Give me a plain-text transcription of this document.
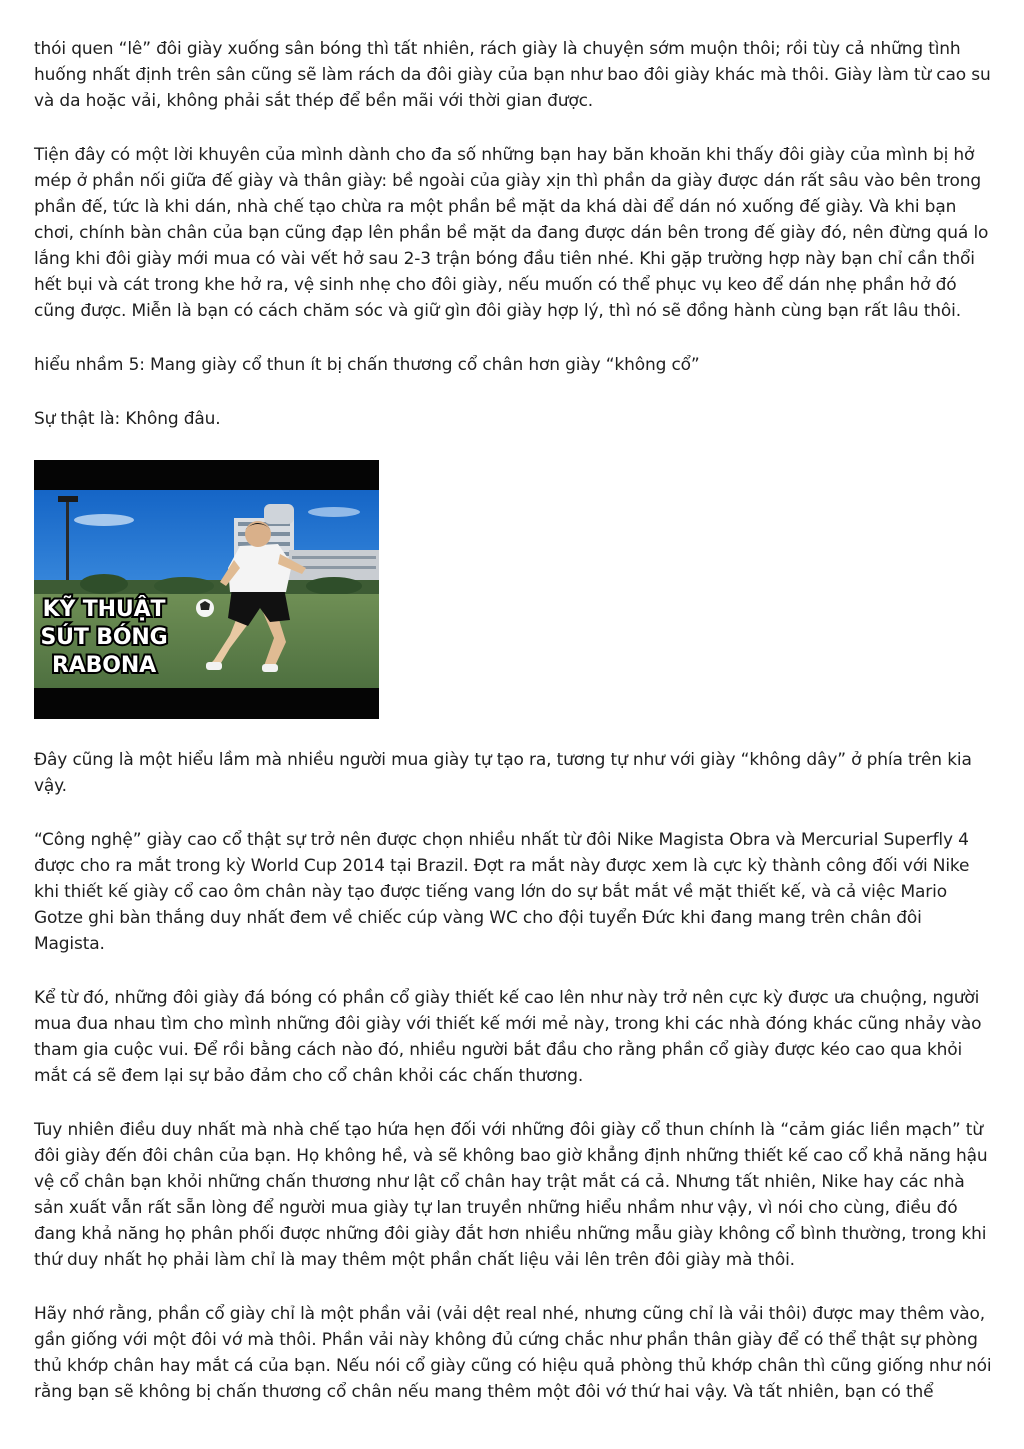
thói quen “lê” đôi giày xuống sân bóng thì tất nhiên, rách giày là chuyện sớm muộn thôi; rồi tùy cả những tình huống nhất định trên sân cũng sẽ làm rách da đôi giày của bạn như bao đôi giày khác mà thôi. Giày làm từ cao su và da hoặc vải, không phải sắt thép để bền mãi với thời gian được.

Tiện đây có một lời khuyên của mình dành cho đa số những bạn hay băn khoăn khi thấy đôi giày của mình bị hở mép ở phần nối giữa đế giày và thân giày: bề ngoài của giày xịn thì phần da giày được dán rất sâu vào bên trong phần đế, tức là khi dán, nhà chế tạo chừa ra một phần bề mặt da khá dài để dán nó xuống đế giày. Và khi bạn chơi, chính bàn chân của bạn cũng đạp lên phần bề mặt da đang được dán bên trong đế giày đó, nên đừng quá lo lắng khi đôi giày mới mua có vài vết hở sau 2-3 trận bóng đầu tiên nhé. Khi gặp trường hợp này bạn chỉ cần thổi hết bụi và cát trong khe hở ra, vệ sinh nhẹ cho đôi giày, nếu muốn có thể phục vụ keo để dán nhẹ phần hở đó cũng được. Miễn là bạn có cách chăm sóc và giữ gìn đôi giày hợp lý, thì nó sẽ đồng hành cùng bạn rất lâu thôi.

hiểu nhầm 5: Mang giày cổ thun ít bị chấn thương cổ chân hơn giày “không cổ”

Sự thật là: Không đâu.

KỸ THUẬT
SÚT BÓNG
RABONA

Đây cũng là một hiểu lầm mà nhiều người mua giày tự tạo ra, tương tự như với giày “không dây” ở phía trên kia vậy.

“Công nghệ” giày cao cổ thật sự trở nên được chọn nhiều nhất từ đôi Nike Magista Obra và Mercurial Superfly 4 được cho ra mắt trong kỳ World Cup 2014 tại Brazil. Đợt ra mắt này được xem là cực kỳ thành công đối với Nike khi thiết kế giày cổ cao ôm chân này tạo được tiếng vang lớn do sự bắt mắt về mặt thiết kế, và cả việc Mario Gotze ghi bàn thắng duy nhất đem về chiếc cúp vàng WC cho đội tuyển Đức khi đang mang trên chân đôi Magista.

Kể từ đó, những đôi giày đá bóng có phần cổ giày thiết kế cao lên như này trở nên cực kỳ được ưa chuộng, người mua đua nhau tìm cho mình những đôi giày với thiết kế mới mẻ này, trong khi các nhà đóng khác cũng nhảy vào tham gia cuộc vui. Để rồi bằng cách nào đó, nhiều người bắt đầu cho rằng phần cổ giày được kéo cao qua khỏi mắt cá sẽ đem lại sự bảo đảm cho cổ chân khỏi các chấn thương.

Tuy nhiên điều duy nhất mà nhà chế tạo hứa hẹn đối với những đôi giày cổ thun chính là “cảm giác liền mạch” từ đôi giày đến đôi chân của bạn. Họ không hề, và sẽ không bao giờ khẳng định những thiết kế cao cổ khả năng hậu vệ cổ chân bạn khỏi những chấn thương như lật cổ chân hay trật mắt cá cả. Nhưng tất nhiên, Nike hay các nhà sản xuất vẫn rất sẵn lòng để người mua giày tự lan truyền những hiểu nhầm như vậy, vì nói cho cùng, điều đó đang khả năng họ phân phối được những đôi giày đắt hơn nhiều những mẫu giày không cổ bình thường, trong khi thứ duy nhất họ phải làm chỉ là may thêm một phần chất liệu vải lên trên đôi giày mà thôi.

Hãy nhớ rằng, phần cổ giày chỉ là một phần vải (vải dệt real nhé, nhưng cũng chỉ là vải thôi) được may thêm vào, gần giống với một đôi vớ mà thôi. Phần vải này không đủ cứng chắc như phần thân giày để có thể thật sự phòng thủ khớp chân hay mắt cá của bạn. Nếu nói cổ giày cũng có hiệu quả phòng thủ khớp chân thì cũng giống như nói rằng bạn sẽ không bị chấn thương cổ chân nếu mang thêm một đôi vớ thứ hai vậy. Và tất nhiên, bạn có thể
